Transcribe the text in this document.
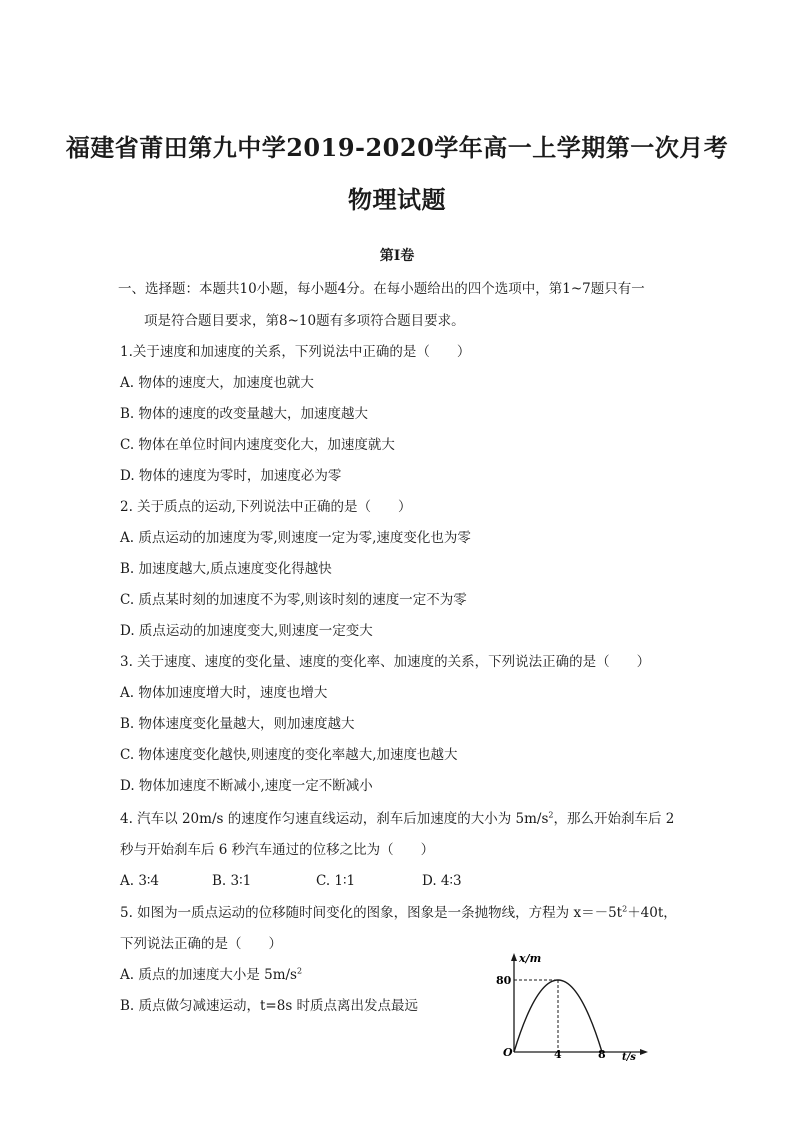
福建省莆田第九中学2019-2020学年高一上学期第一次月考
物理试题
第Ⅰ卷
一、选择题：本题共10小题，每小题4分。在每小题给出的四个选项中，第1~7题只有一
项是符合题目要求，第8~10题有多项符合题目要求。
1.关于速度和加速度的关系，下列说法中正确的是（　　）
A. 物体的速度大，加速度也就大
B. 物体的速度的改变量越大，加速度越大
C. 物体在单位时间内速度变化大，加速度就大
D. 物体的速度为零时，加速度必为零
2. 关于质点的运动,下列说法中正确的是（　　）
A. 质点运动的加速度为零,则速度一定为零,速度变化也为零
B. 加速度越大,质点速度变化得越快
C. 质点某时刻的加速度不为零,则该时刻的速度一定不为零
D. 质点运动的加速度变大,则速度一定变大
3. 关于速度、速度的变化量、速度的变化率、加速度的关系，下列说法正确的是（　　）
A. 物体加速度增大时，速度也增大
B. 物体速度变化量越大，则加速度越大
C. 物体速度变化越快,则速度的变化率越大,加速度也越大
D. 物体加速度不断减小,速度一定不断减小
4. 汽车以 20m/s 的速度作匀速直线运动，刹车后加速度的大小为 $5m/s^2$，那么开始刹车后 2
秒与开始刹车后 6 秒汽车通过的位移之比为（　　）
A. 3∶4	B. 3∶1	C. 1∶1	D. 4∶3
5. 如图为一质点运动的位移随时间变化的图象，图象是一条抛物线，方程为 $x=-5t^2+40t$，
下列说法正确的是（　　）
A. 质点的加速度大小是 $5m/s^2$
B. 质点做匀减速运动，t=8s 时质点离出发点最远
x/m
80
O	4	8 t/s
